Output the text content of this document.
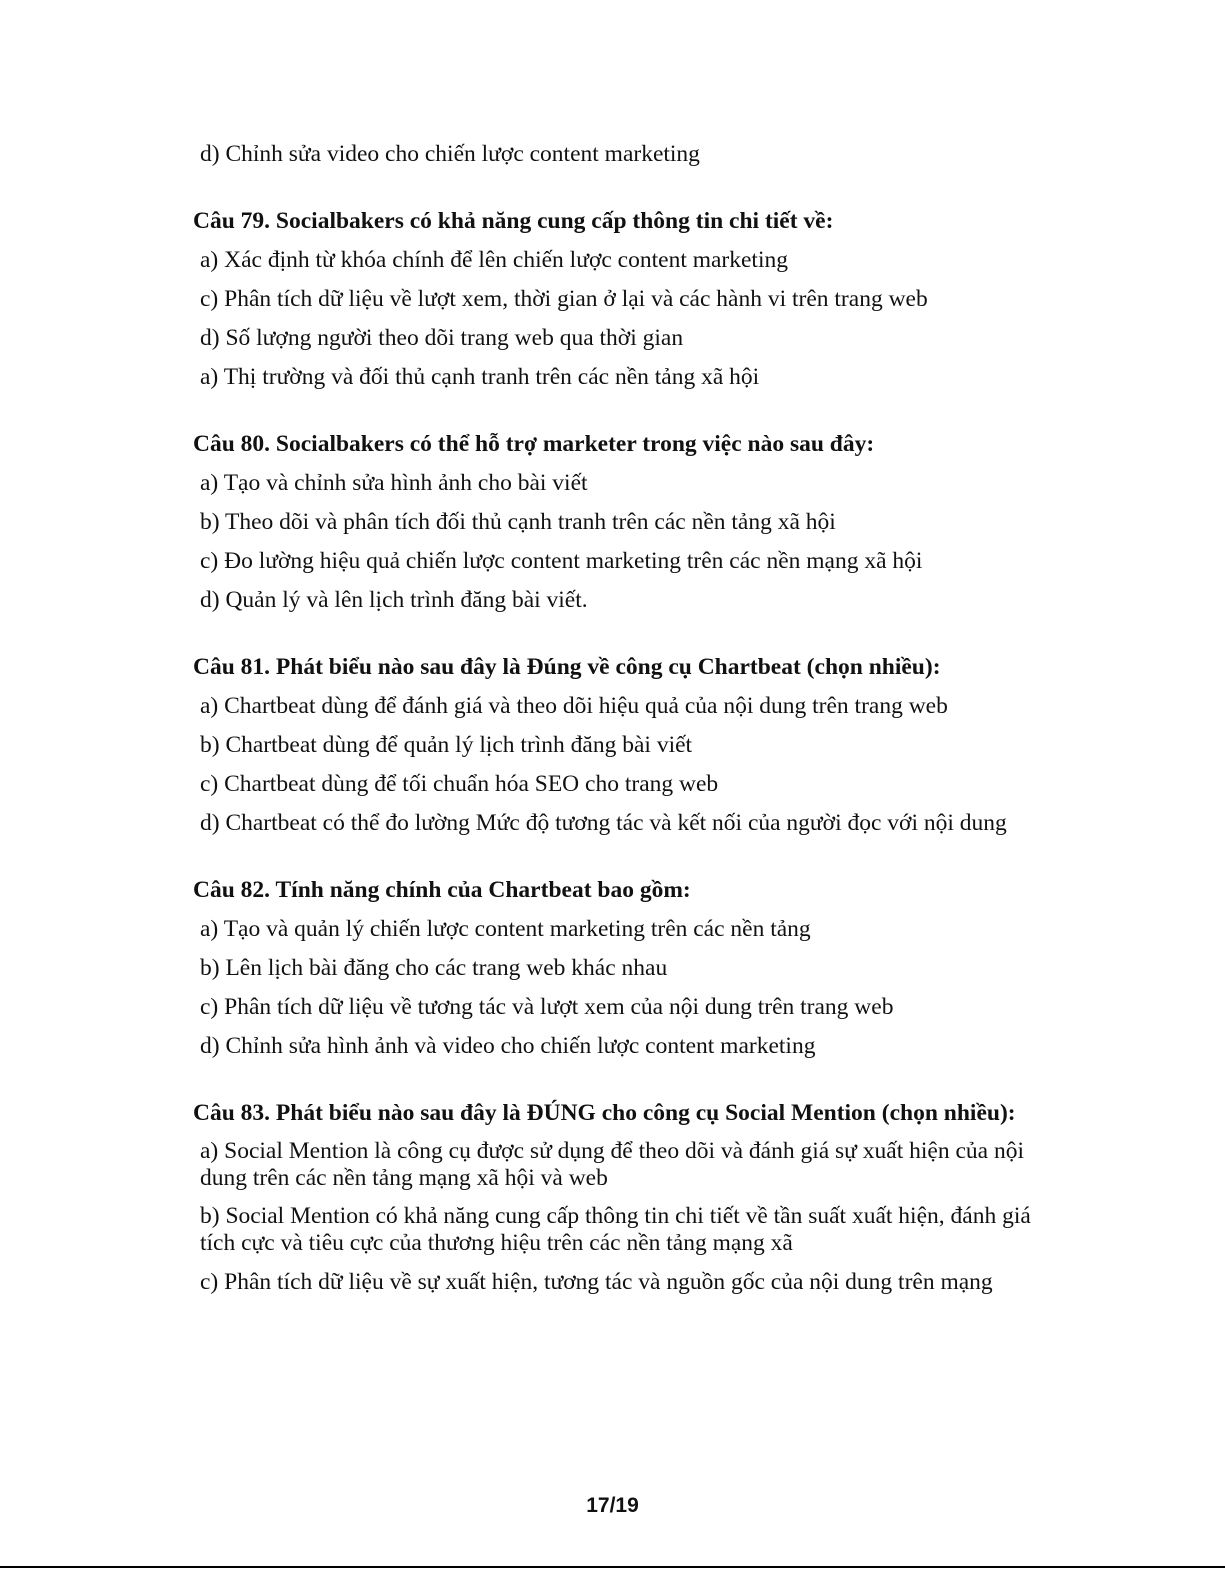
d) Chỉnh sửa video cho chiến lược content marketing
Câu 79. Socialbakers có khả năng cung cấp thông tin chi tiết về:
a) Xác định từ khóa chính để lên chiến lược content marketing
c) Phân tích dữ liệu về lượt xem, thời gian ở lại và các hành vi trên trang web
d) Số lượng người theo dõi trang web qua thời gian
a) Thị trường và đối thủ cạnh tranh trên các nền tảng xã hội
Câu 80. Socialbakers có thể hỗ trợ marketer trong việc nào sau đây:
a) Tạo và chỉnh sửa hình ảnh cho bài viết
b) Theo dõi và phân tích đối thủ cạnh tranh trên các nền tảng xã hội
c) Đo lường hiệu quả chiến lược content marketing trên các nền mạng xã hội
d) Quản lý và lên lịch trình đăng bài viết.
Câu 81. Phát biểu nào sau đây là Đúng về công cụ Chartbeat (chọn nhiều):
a) Chartbeat dùng để đánh giá và theo dõi hiệu quả của nội dung trên trang web
b) Chartbeat dùng để quản lý lịch trình đăng bài viết
c) Chartbeat dùng để tối chuẩn hóa SEO cho trang web
d) Chartbeat có thể đo lường Mức độ tương tác và kết nối của người đọc với nội dung
Câu 82. Tính năng chính của Chartbeat bao gồm:
a) Tạo và quản lý chiến lược content marketing trên các nền tảng
b) Lên lịch bài đăng cho các trang web khác nhau
c) Phân tích dữ liệu về tương tác và lượt xem của nội dung trên trang web
d) Chỉnh sửa hình ảnh và video cho chiến lược content marketing
Câu 83. Phát biểu nào sau đây là ĐÚNG cho công cụ Social Mention (chọn nhiều):
a) Social Mention là công cụ được sử dụng để theo dõi và đánh giá sự xuất hiện của nội dung trên các nền tảng mạng xã hội và web
b) Social Mention có khả năng cung cấp thông tin chi tiết về tần suất xuất hiện, đánh giá tích cực và tiêu cực của thương hiệu trên các nền tảng mạng xã
c) Phân tích dữ liệu về sự xuất hiện, tương tác và nguồn gốc của nội dung trên mạng
17/19
